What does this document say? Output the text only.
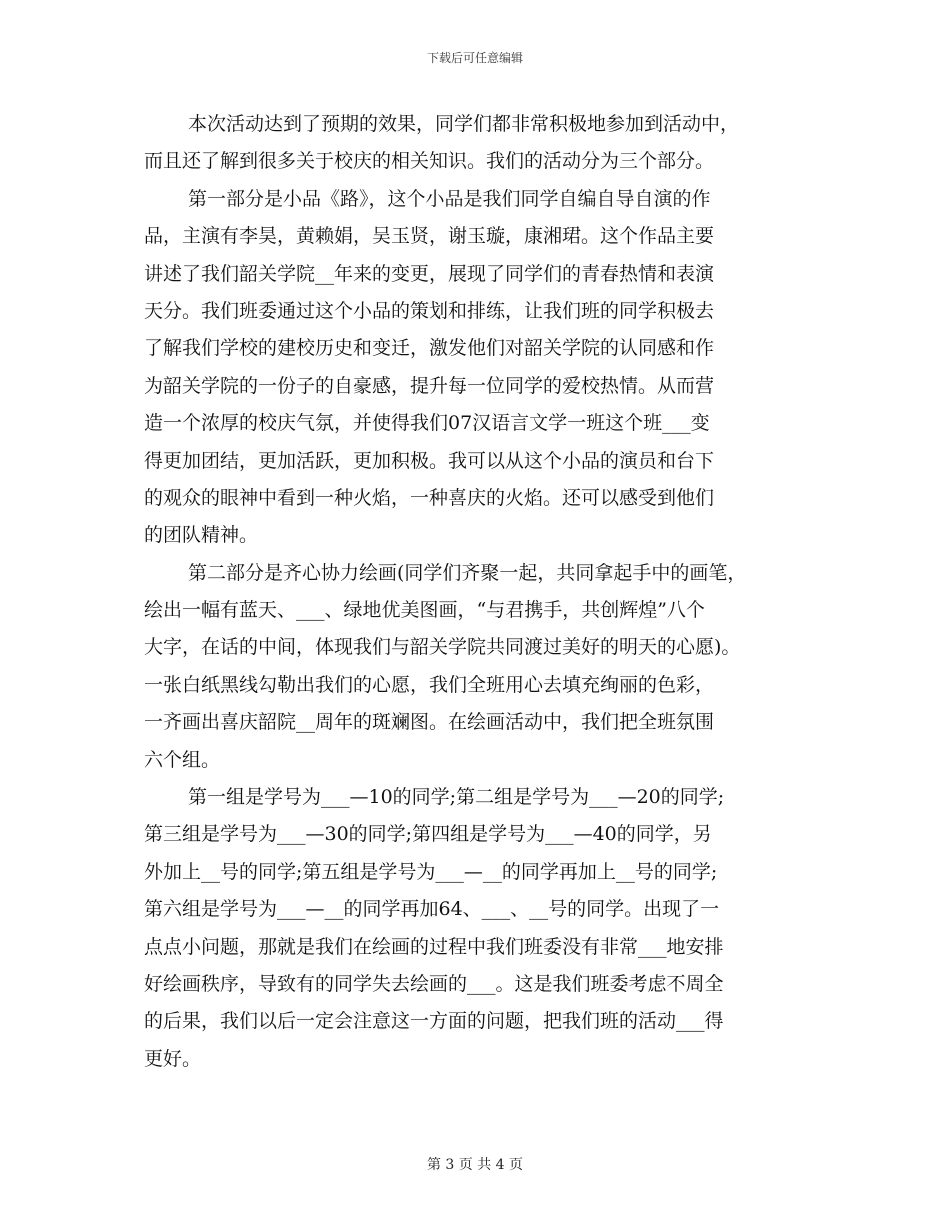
下载后可任意编辑
本次活动达到了预期的效果，同学们都非常积极地参加到活动中，
而且还了解到很多关于校庆的相关知识。我们的活动分为三个部分。
第一部分是小品《路》，这个小品是我们同学自编自导自演的作
品，主演有李昊，黄赖娟，吴玉贤，谢玉璇，康湘珺。这个作品主要
讲述了我们韶关学院__年来的变更，展现了同学们的青春热情和表演
天分。我们班委通过这个小品的策划和排练，让我们班的同学积极去
了解我们学校的建校历史和变迁，激发他们对韶关学院的认同感和作
为韶关学院的一份子的自豪感，提升每一位同学的爱校热情。从而营
造一个浓厚的校庆气氛，并使得我们07汉语言文学一班这个班___变
得更加团结，更加活跃，更加积极。我可以从这个小品的演员和台下
的观众的眼神中看到一种火焰，一种喜庆的火焰。还可以感受到他们
的团队精神。
第二部分是齐心协力绘画(同学们齐聚一起，共同拿起手中的画笔，
绘出一幅有蓝天、___、绿地优美图画，“与君携手，共创辉煌”八个
大字，在话的中间，体现我们与韶关学院共同渡过美好的明天的心愿)。
一张白纸黑线勾勒出我们的心愿，我们全班用心去填充绚丽的色彩，
一齐画出喜庆韶院__周年的斑斓图。在绘画活动中，我们把全班氛围
六个组。
第一组是学号为___—10的同学;第二组是学号为___—20的同学;
第三组是学号为___—30的同学;第四组是学号为___—40的同学，另
外加上__号的同学;第五组是学号为___—__的同学再加上__号的同学;
第六组是学号为___—__的同学再加64、___、__号的同学。出现了一
点点小问题，那就是我们在绘画的过程中我们班委没有非常___地安排
好绘画秩序，导致有的同学失去绘画的___。这是我们班委考虑不周全
的后果，我们以后一定会注意这一方面的问题，把我们班的活动___得
更好。
第 3 页 共 4 页
